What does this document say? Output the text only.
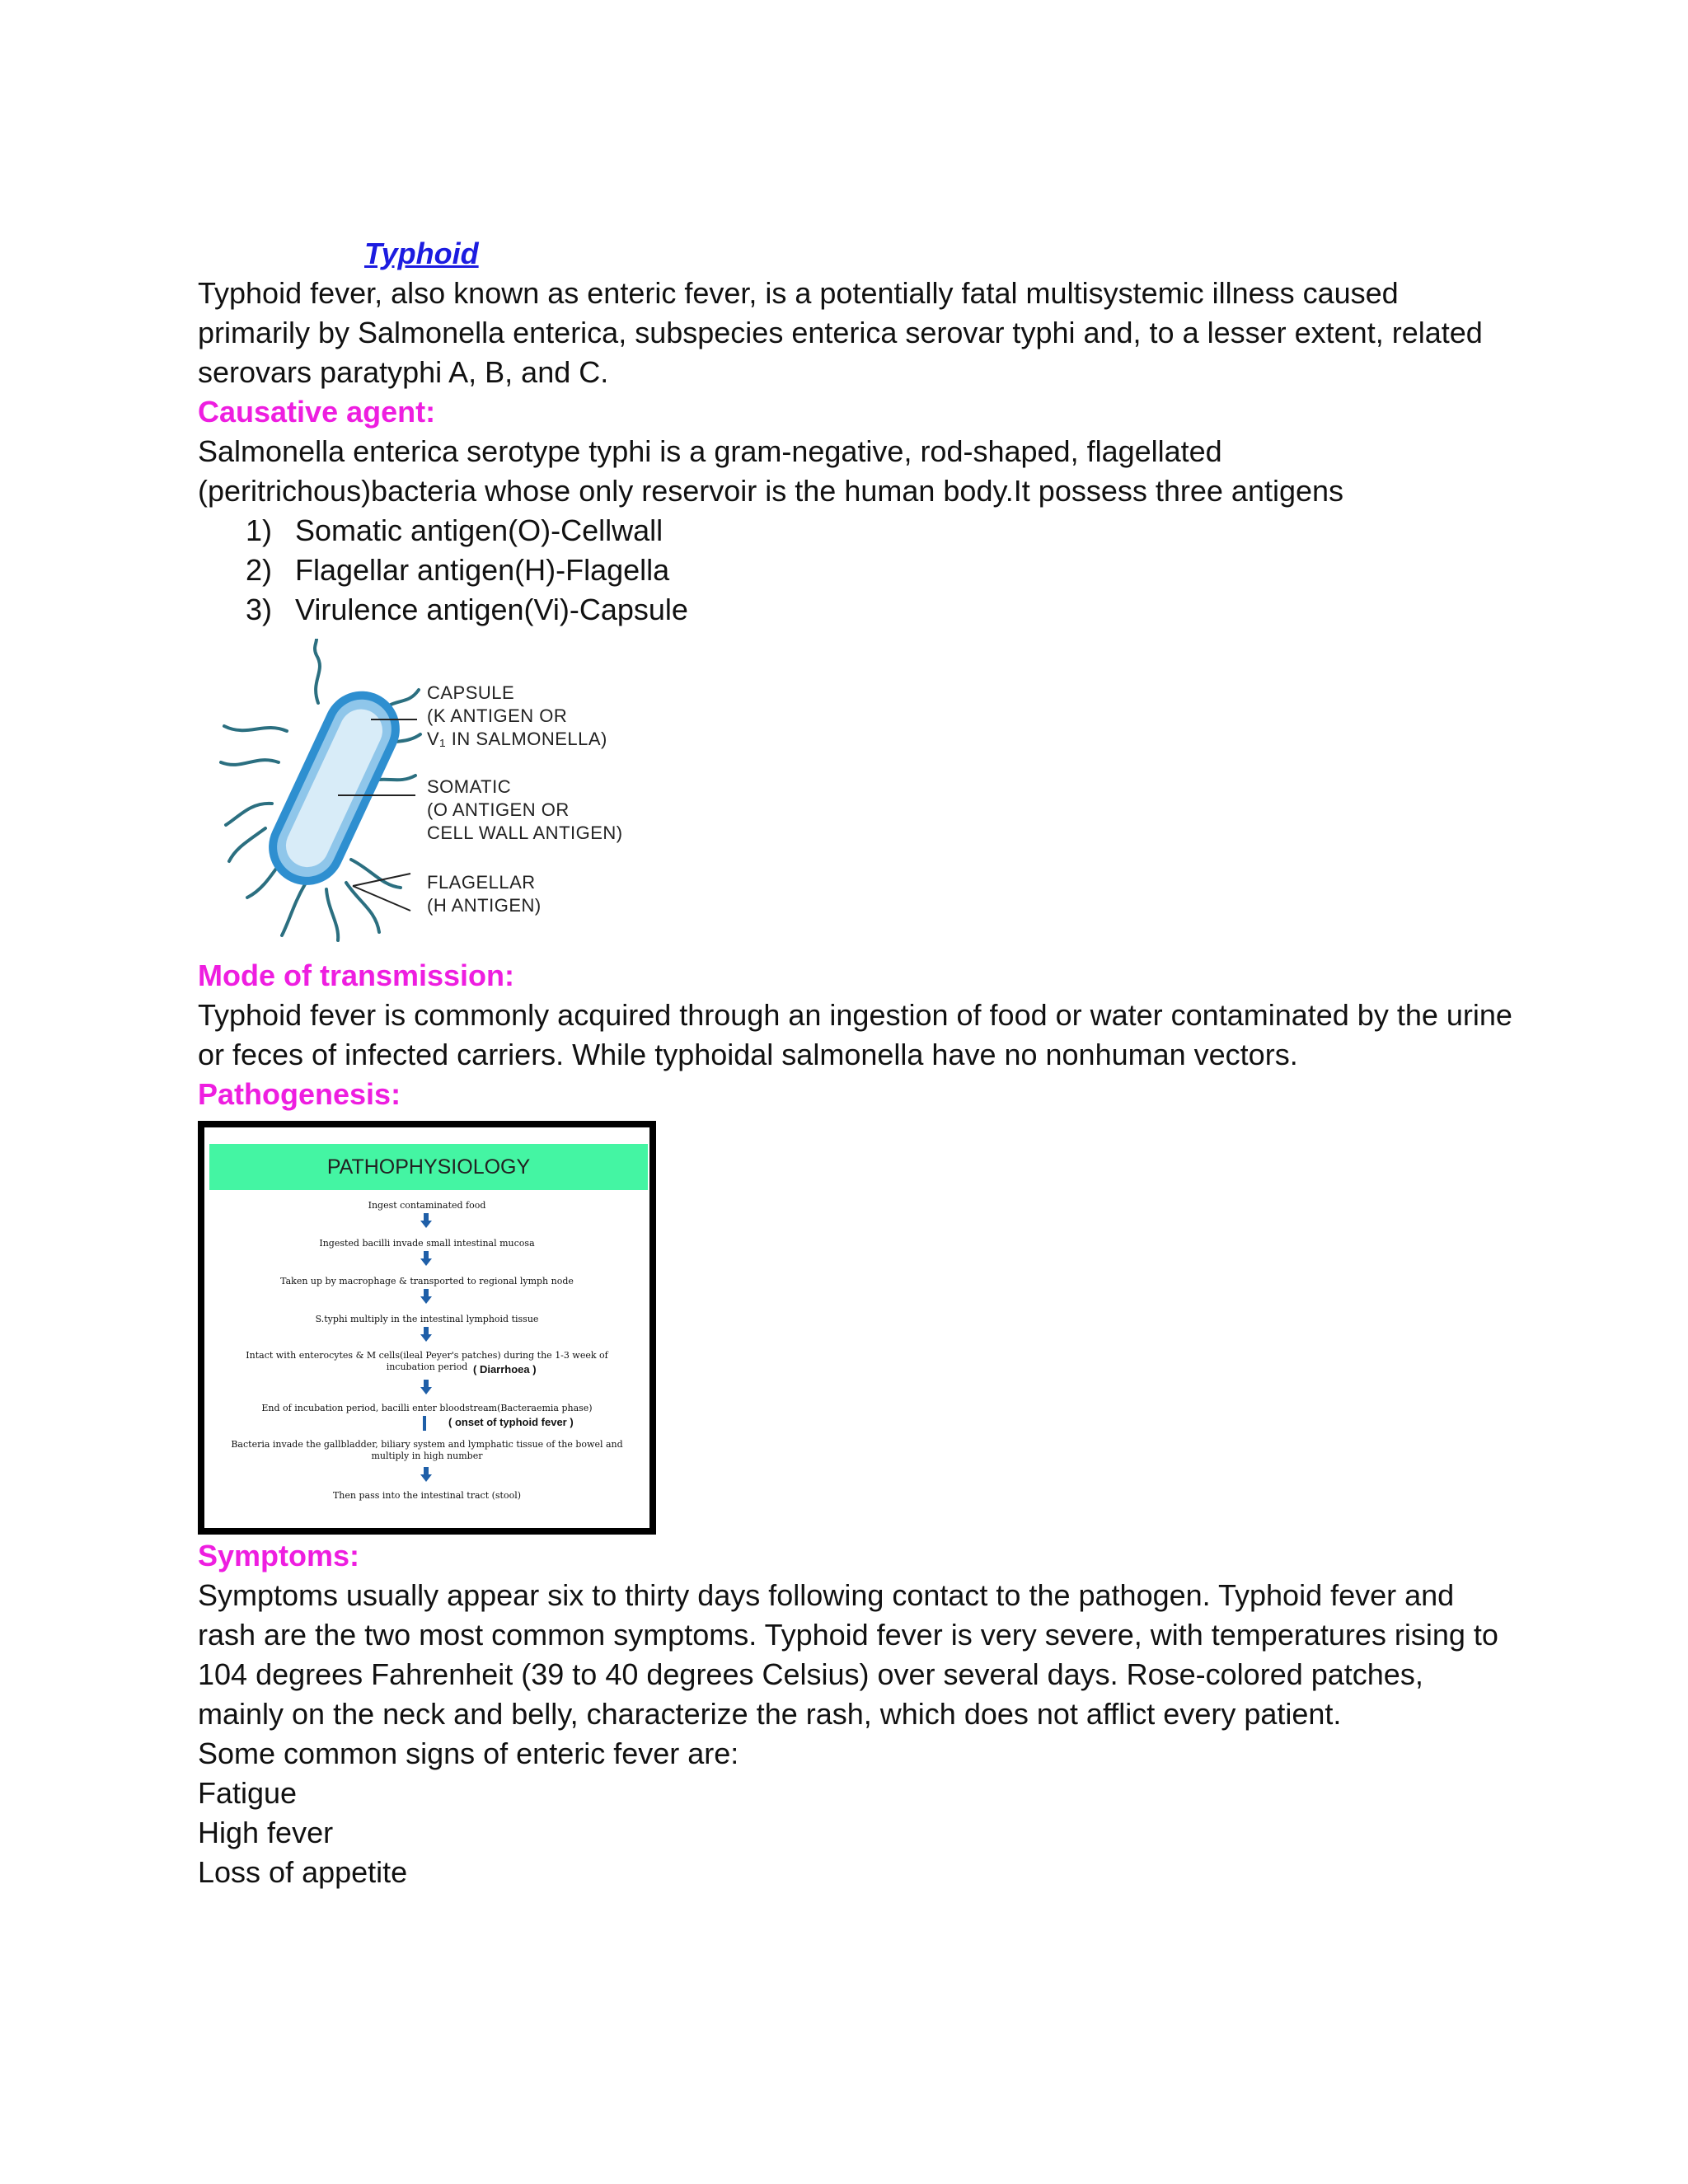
Typhoid

Typhoid fever, also known as enteric fever, is a potentially fatal multisystemic illness caused primarily by Salmonella enterica, subspecies enterica serovar typhi and, to a lesser extent, related serovars paratyphi A, B, and C.

Causative agent:

Salmonella enterica serotype typhi is a gram-negative, rod-shaped, flagellated (peritrichous)bacteria whose only reservoir is the human body.It possess three antigens

1) Somatic antigen(O)-Cellwall
2) Flagellar antigen(H)-Flagella
3) Virulence antigen(Vi)-Capsule

CAPSULE
(K ANTIGEN OR
V₁ IN SALMONELLA)

SOMATIC
(O ANTIGEN OR
CELL WALL ANTIGEN)

FLAGELLAR
(H ANTIGEN)

Mode of transmission:

Typhoid fever is commonly acquired through an ingestion of food or water contaminated by the urine or feces of infected carriers. While typhoidal salmonella have no nonhuman vectors.

Pathogenesis:

PATHOPHYSIOLOGY

Ingest contaminated food

Ingested bacilli invade small intestinal mucosa

Taken up by macrophage & transported to regional lymph node

S.typhi multiply in the intestinal lymphoid tissue

Intact with enterocytes & M cells(ileal Peyer's patches) during the 1-3 week of incubation period ( Diarrhoea )

End of incubation period, bacilli enter bloodstream(Bacteraemia phase)

( onset of typhoid fever )

Bacteria invade the gallbladder, biliary system and lymphatic tissue of the bowel and multiply in high number

Then pass into the intestinal tract (stool)

Symptoms:

Symptoms usually appear six to thirty days following contact to the pathogen. Typhoid fever and rash are the two most common symptoms. Typhoid fever is very severe, with temperatures rising to 104 degrees Fahrenheit (39 to 40 degrees Celsius) over several days. Rose-colored patches, mainly on the neck and belly, characterize the rash, which does not afflict every patient.

Some common signs of enteric fever are:

Fatigue
High fever
Loss of appetite
